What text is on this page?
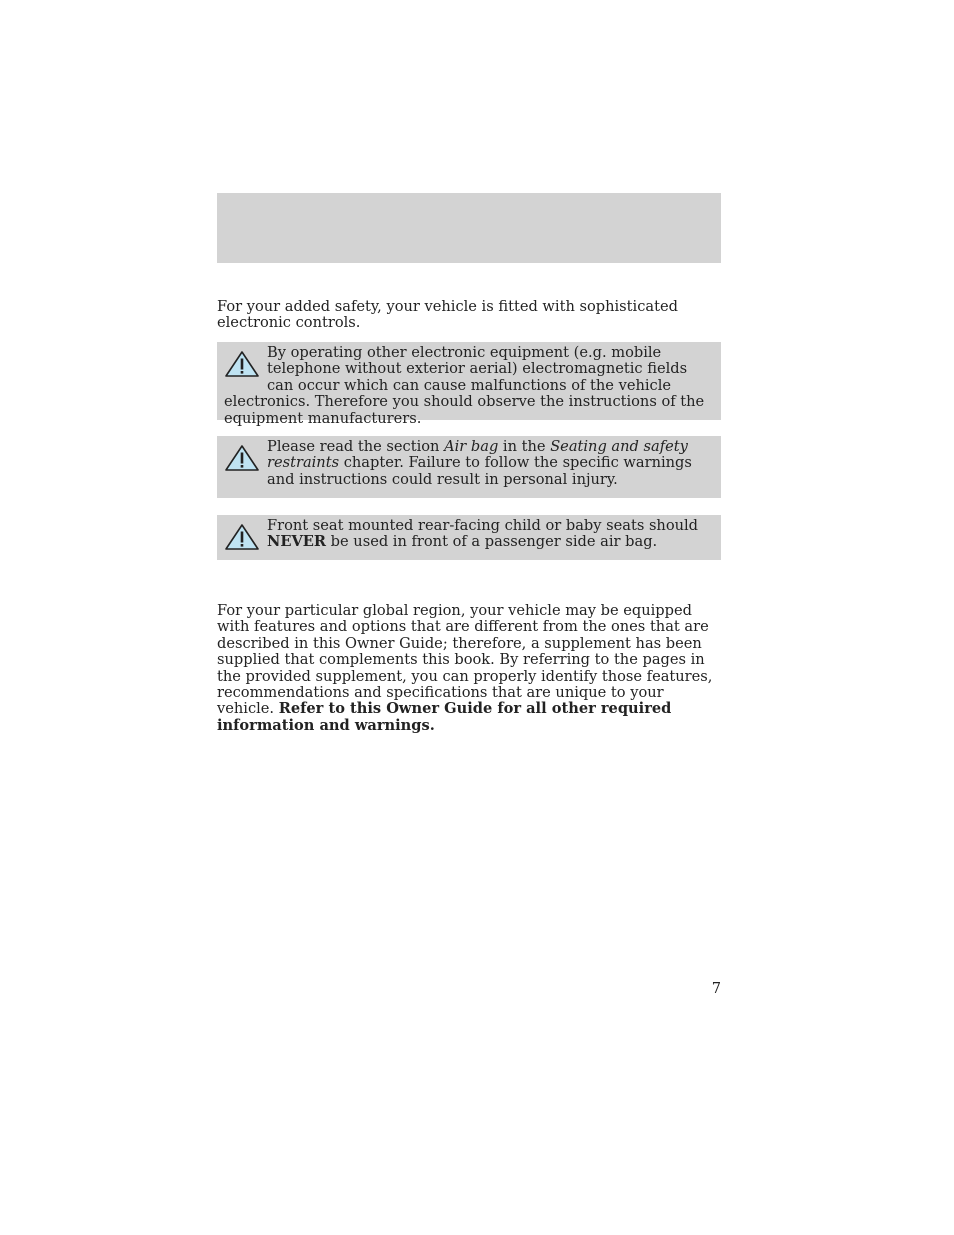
For your added safety, your vehicle is fitted with sophisticated electronic controls.

By operating other electronic equipment (e.g. mobile telephone without exterior aerial) electromagnetic fields can occur which can cause malfunctions of the vehicle electronics. Therefore you should observe the instructions of the equipment manufacturers.
Please read the section Air bag in the Seating and safety restraints chapter. Failure to follow the specific warnings and instructions could result in personal injury.
Front seat mounted rear-facing child or baby seats should NEVER be used in front of a passenger side air bag.

For your particular global region, your vehicle may be equipped with features and options that are different from the ones that are described in this Owner Guide; therefore, a supplement has been supplied that complements this book. By referring to the pages in the provided supplement, you can properly identify those features, recommendations and specifications that are unique to your vehicle. Refer to this Owner Guide for all other required information and warnings.

7
